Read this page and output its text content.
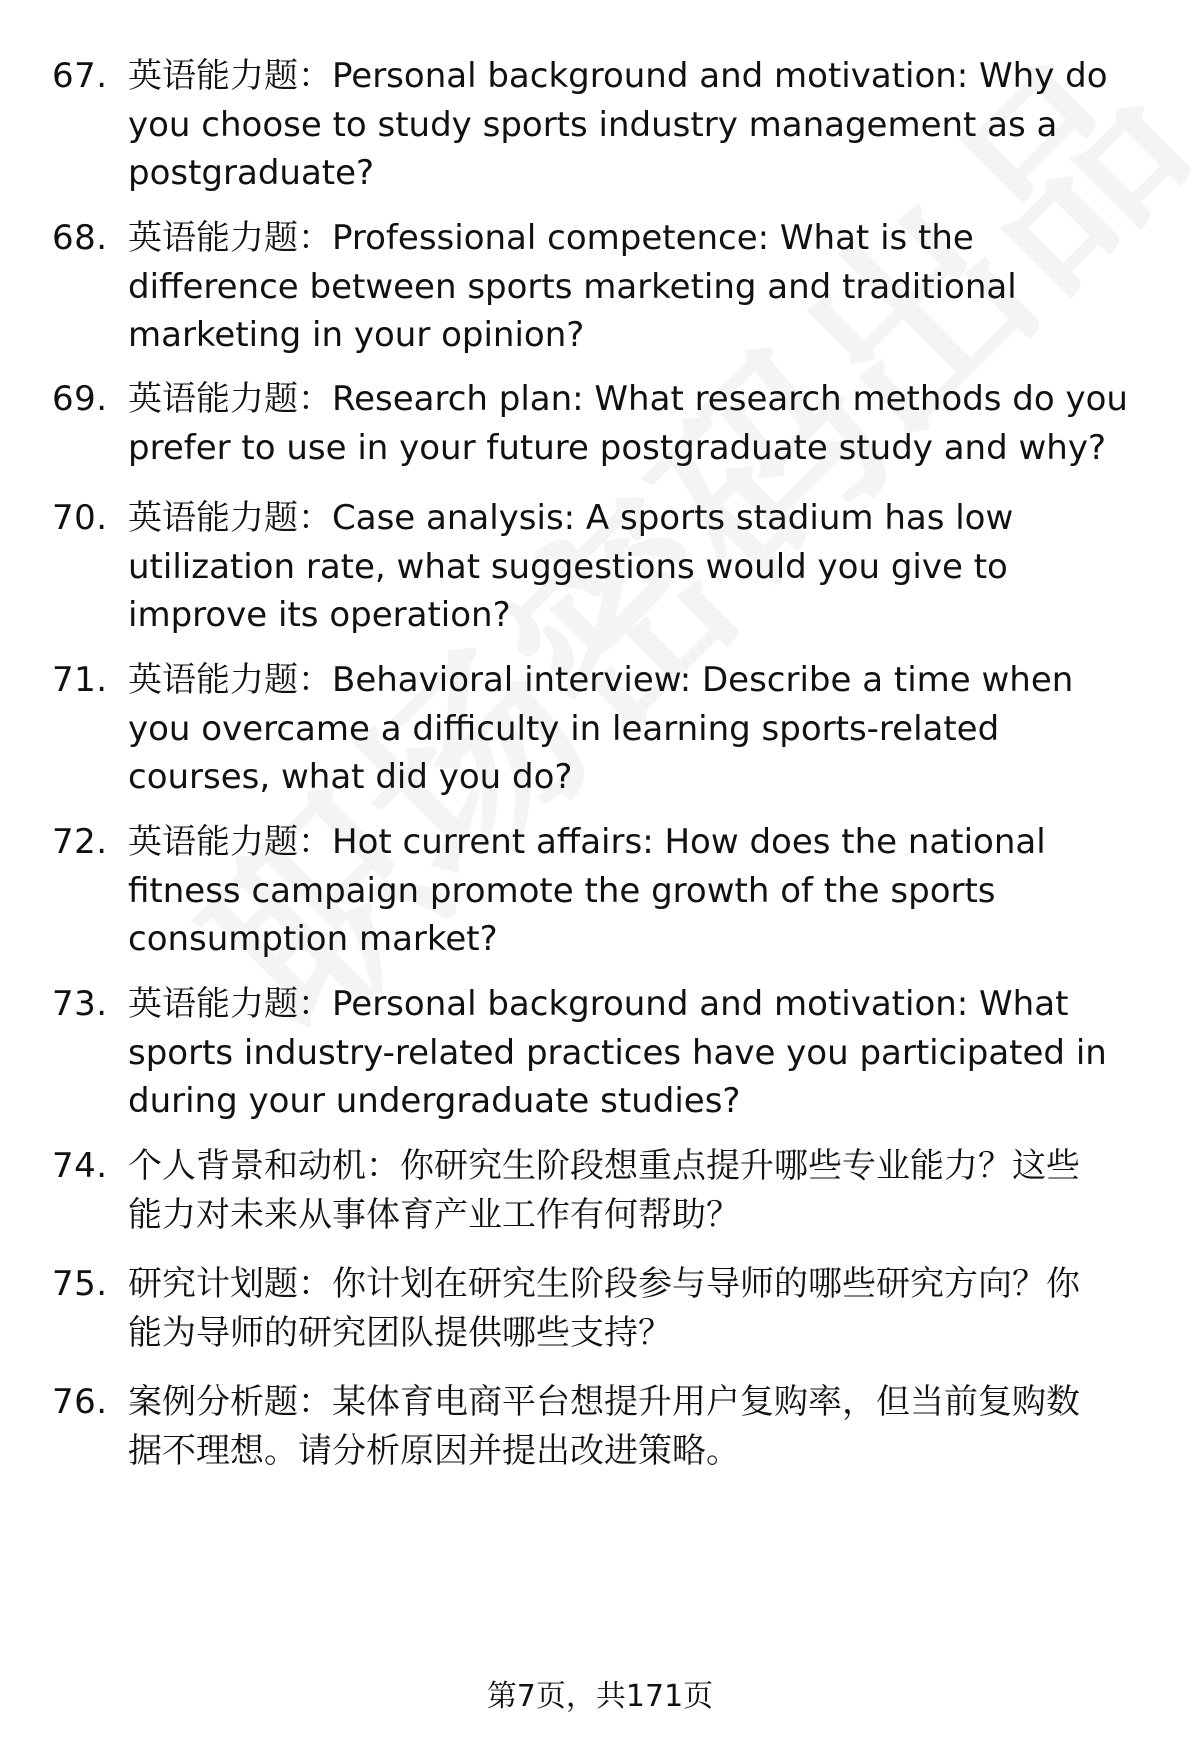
67. 英语能力题：Personal background and motivation: Why do
you choose to study sports industry management as a
postgraduate?
68. 英语能力题：Professional competence: What is the
difference between sports marketing and traditional
marketing in your opinion?
69. 英语能力题：Research plan: What research methods do you
prefer to use in your future postgraduate study and why?
70. 英语能力题：Case analysis: A sports stadium has low
utilization rate, what suggestions would you give to
improve its operation?
71. 英语能力题：Behavioral interview: Describe a time when
you overcame a difficulty in learning sports-related
courses, what did you do?
72. 英语能力题：Hot current affairs: How does the national
fitness campaign promote the growth of the sports
consumption market?
73. 英语能力题：Personal background and motivation: What
sports industry-related practices have you participated in
during your undergraduate studies?
74. 个人背景和动机：你研究生阶段想重点提升哪些专业能力？这些
能力对未来从事体育产业工作有何帮助？
75. 研究计划题：你计划在研究生阶段参与导师的哪些研究方向？你
能为导师的研究团队提供哪些支持？
76. 案例分析题：某体育电商平台想提升用户复购率，但当前复购数
据不理想。请分析原因并提出改进策略。
第7页，共171页
